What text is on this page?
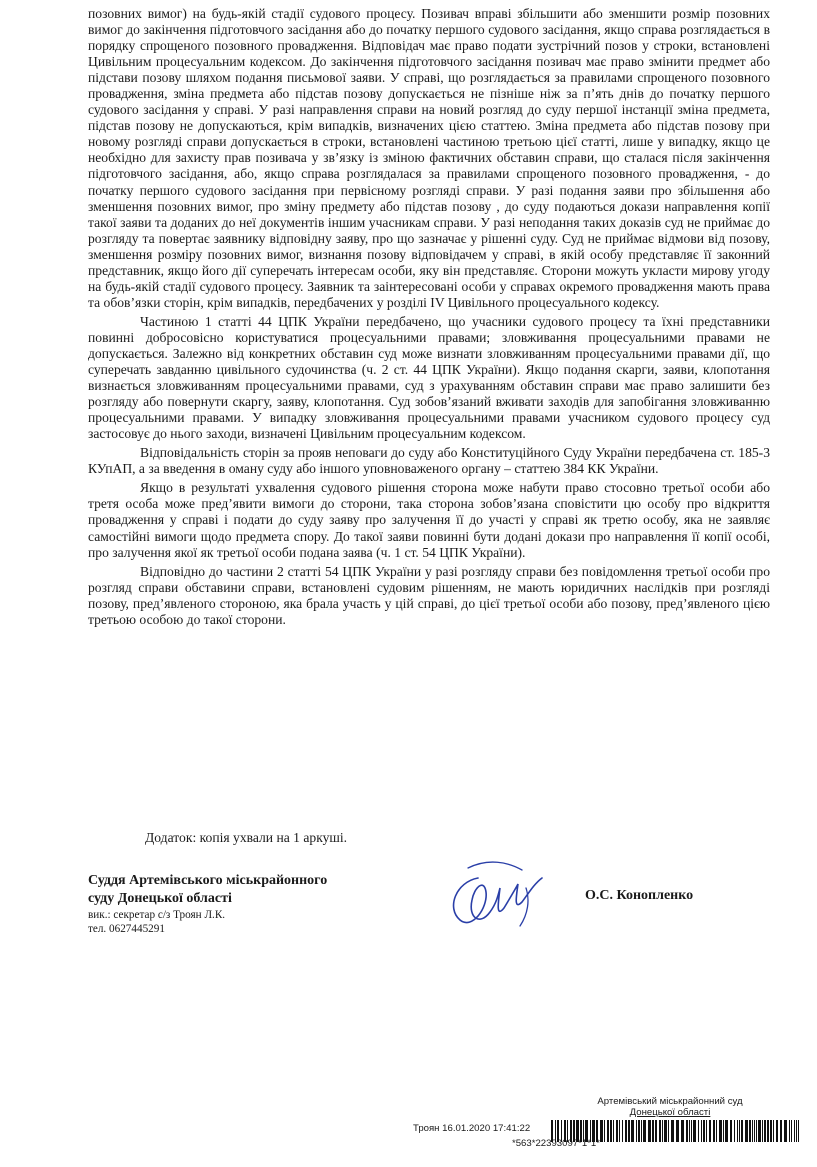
позовних вимог) на будь-якій стадії судового процесу. Позивач вправі збільшити або зменшити розмір позовних вимог до закінчення підготовчого засідання або до початку першого судового засідання, якщо справа розглядається в порядку спрощеного позовного провадження. Відповідач має право подати зустрічний позов у строки, встановлені Цивільним процесуальним кодексом. До закінчення підготовчого засідання позивач має право змінити предмет або підстави позову шляхом подання письмової заяви. У справі, що розглядається за правилами спрощеного позовного провадження, зміна предмета або підстав позову допускається не пізніше ніж за п’ять днів до початку першого судового засідання у справі. У разі направлення справи на новий розгляд до суду першої інстанції зміна предмета, підстав позову не допускаються, крім випадків, визначених цією статтею. Зміна предмета або підстав позову при новому розгляді справи допускається в строки, встановлені частиною третьою цієї статті, лише у випадку, якщо це необхідно для захисту прав позивача у зв’язку із зміною фактичних обставин справи, що сталася після закінчення підготовчого засідання, або, якщо справа розглядалася за правилами спрощеного позовного провадження, - до початку першого судового засідання при первісному розгляді справи. У разі подання заяви про збільшення або зменшення позовних вимог, про зміну предмету або підстав позову , до суду подаються докази направлення копії такої заяви та доданих до неї документів іншим учасникам справи. У разі неподання таких доказів суд не приймає до розгляду та повертає заявнику відповідну заяву, про що зазначає у рішенні суду. Суд не приймає відмови від позову, зменшення розміру позовних вимог, визнання позову відповідачем у справі, в якій особу представляє її законний представник, якщо його дії суперечать інтересам особи, яку він представляє. Сторони можуть укласти мирову угоду на будь-якій стадії судового процесу. Заявник та заінтересовані особи у справах окремого провадження мають права та обов’язки сторін, крім випадків, передбачених у розділі IV Цивільного процесуального кодексу.

Частиною 1 статті 44 ЦПК України передбачено, що учасники судового процесу та їхні представники повинні добросовісно користуватися процесуальними правами; зловживання процесуальними правами не допускається. Залежно від конкретних обставин суд може визнати зловживанням процесуальними правами дії, що суперечать завданню цивільного судочинства (ч. 2 ст. 44 ЦПК України). Якщо подання скарги, заяви, клопотання визнається зловживанням процесуальними правами, суд з урахуванням обставин справи має право залишити без розгляду або повернути скаргу, заяву, клопотання. Суд зобов’язаний вживати заходів для запобігання зловживанню процесуальними правами. У випадку зловживання процесуальними правами учасником судового процесу суд застосовує до нього заходи, визначені Цивільним процесуальним кодексом.

Відповідальність сторін за прояв неповаги до суду або Конституційного Суду України передбачена ст. 185-3 КУпАП, а за введення в оману суду або іншого уповноваженого органу – статтею 384 КК України.

Якщо в результаті ухвалення судового рішення сторона може набути право стосовно третьої особи або третя особа може пред’явити вимоги до сторони, така сторона зобов’язана сповістити цю особу про відкриття провадження у справі і подати до суду заяву про залучення її до участі у справі як третю особу, яка не заявляє самостійні вимоги щодо предмета спору. До такої заяви повинні бути додані докази про направлення її копії особі, про залучення якої як третьої особи подана заява (ч. 1 ст. 54 ЦПК України).

Відповідно до частини 2 статті 54 ЦПК України у разі розгляду справи без повідомлення третьої особи про розгляд справи обставини справи, встановлені судовим рішенням, не мають юридичних наслідків при розгляді позову, пред’явленого стороною, яка брала участь у цій справі, до цієї третьої особи або позову, пред’явленого цією третьою особою до такої сторони.

Додаток: копія ухвали на 1 аркуші.
Суддя Артемівського міськрайонного
суду Донецької області
вик.: секретар с/з Троян Л.К.
тел. 0627445291
О.С. Конопленко
Артемівський міськрайонний суд
Донецької області
Троян 16.01.2020 17:41:22
*563*22393097*1*1*
